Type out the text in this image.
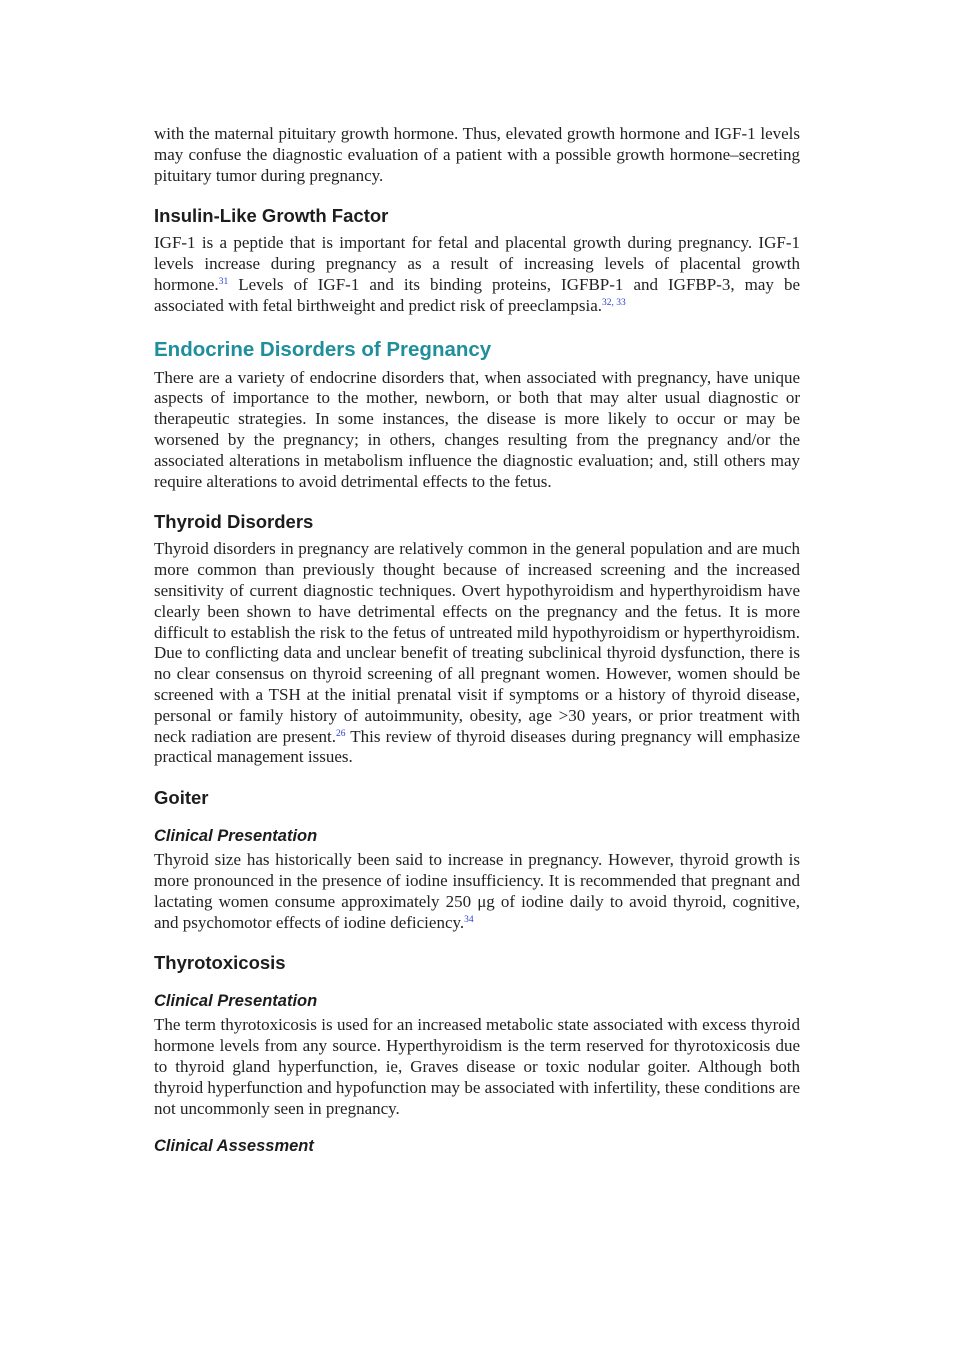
with the maternal pituitary growth hormone. Thus, elevated growth hormone and IGF-1 levels may confuse the diagnostic evaluation of a patient with a possible growth hormone–secreting pituitary tumor during pregnancy.

Insulin-Like Growth Factor

IGF-1 is a peptide that is important for fetal and placental growth during pregnancy. IGF-1 levels increase during pregnancy as a result of increasing levels of placental growth hormone.$^{31}$ Levels of IGF-1 and its binding proteins, IGFBP-1 and IGFBP-3, may be associated with fetal birthweight and predict risk of preeclampsia.$^{32, 33}$

Endocrine Disorders of Pregnancy

There are a variety of endocrine disorders that, when associated with pregnancy, have unique aspects of importance to the mother, newborn, or both that may alter usual diagnostic or therapeutic strategies. In some instances, the disease is more likely to occur or may be worsened by the pregnancy; in others, changes resulting from the pregnancy and/or the associated alterations in metabolism influence the diagnostic evaluation; and, still others may require alterations to avoid detrimental effects to the fetus.

Thyroid Disorders

Thyroid disorders in pregnancy are relatively common in the general population and are much more common than previously thought because of increased screening and the increased sensitivity of current diagnostic techniques. Overt hypothyroidism and hyperthyroidism have clearly been shown to have detrimental effects on the pregnancy and the fetus. It is more difficult to establish the risk to the fetus of untreated mild hypothyroidism or hyperthyroidism. Due to conflicting data and unclear benefit of treating subclinical thyroid dysfunction, there is no clear consensus on thyroid screening of all pregnant women. However, women should be screened with a TSH at the initial prenatal visit if symptoms or a history of thyroid disease, personal or family history of autoimmunity, obesity, age >30 years, or prior treatment with neck radiation are present.$^{26}$ This review of thyroid diseases during pregnancy will emphasize practical management issues.

Goiter
Clinical Presentation

Thyroid size has historically been said to increase in pregnancy. However, thyroid growth is more pronounced in the presence of iodine insufficiency. It is recommended that pregnant and lactating women consume approximately 250 μg of iodine daily to avoid thyroid, cognitive, and psychomotor effects of iodine deficiency.$^{34}$

Thyrotoxicosis
Clinical Presentation

The term thyrotoxicosis is used for an increased metabolic state associated with excess thyroid hormone levels from any source. Hyperthyroidism is the term reserved for thyrotoxicosis due to thyroid gland hyperfunction, ie, Graves disease or toxic nodular goiter. Although both thyroid hyperfunction and hypofunction may be associated with infertility, these conditions are not uncommonly seen in pregnancy.

Clinical Assessment
